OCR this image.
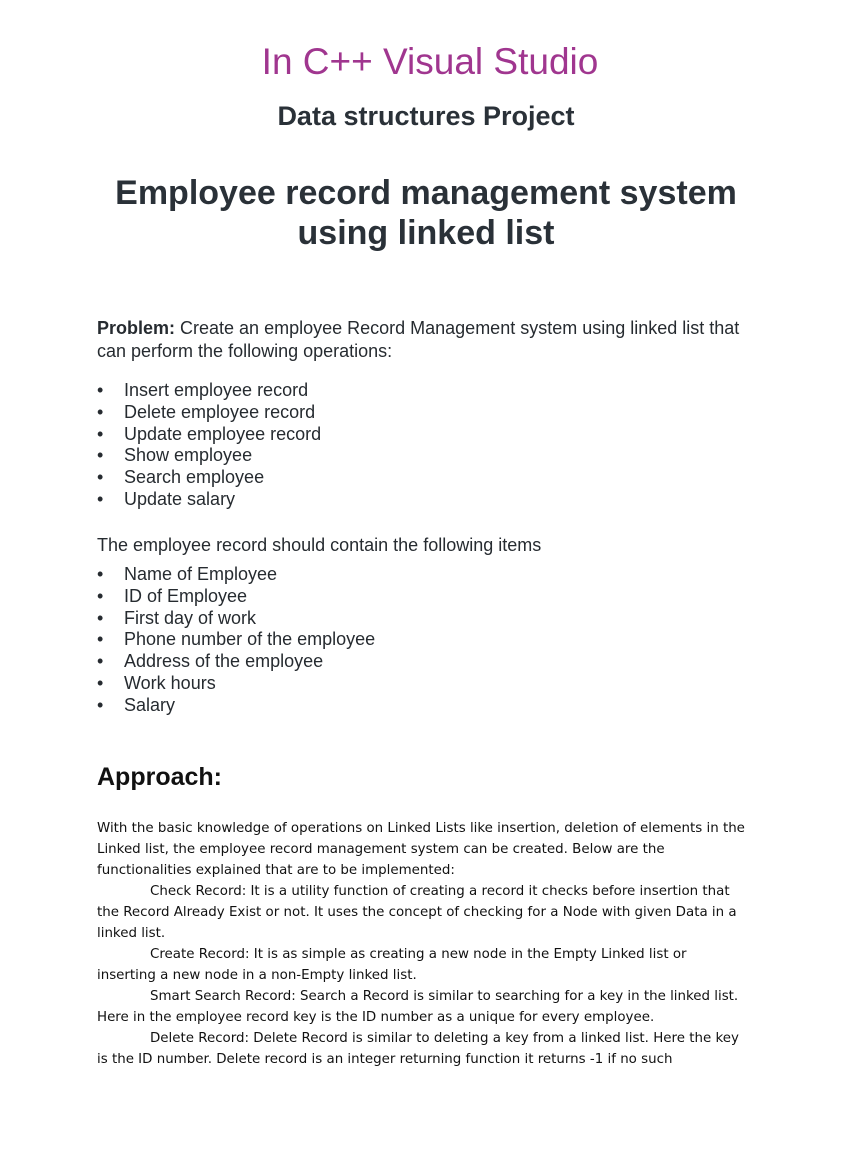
In C++ Visual Studio
Data structures Project
Employee record management system
using linked list
Problem: Create an employee Record Management system using linked list that can perform the following operations:
• Insert employee record
• Delete employee record
• Update employee record
• Show employee
• Search employee
• Update salary
The employee record should contain the following items
• Name of Employee
• ID of Employee
• First day of work
• Phone number of the employee
• Address of the employee
• Work hours
• Salary
Approach:

With the basic knowledge of operations on Linked Lists like insertion, deletion of elements in the Linked list, the employee record management system can be created. Below are the functionalities explained that are to be implemented:

Check Record: It is a utility function of creating a record it checks before insertion that the Record Already Exist or not. It uses the concept of checking for a Node with given Data in a linked list.

Create Record: It is as simple as creating a new node in the Empty Linked list or inserting a new node in a non-Empty linked list.

Smart Search Record: Search a Record is similar to searching for a key in the linked list. Here in the employee record key is the ID number as a unique for every employee.

Delete Record: Delete Record is similar to deleting a key from a linked list. Here the key is the ID number. Delete record is an integer returning function it returns -1 if no such
